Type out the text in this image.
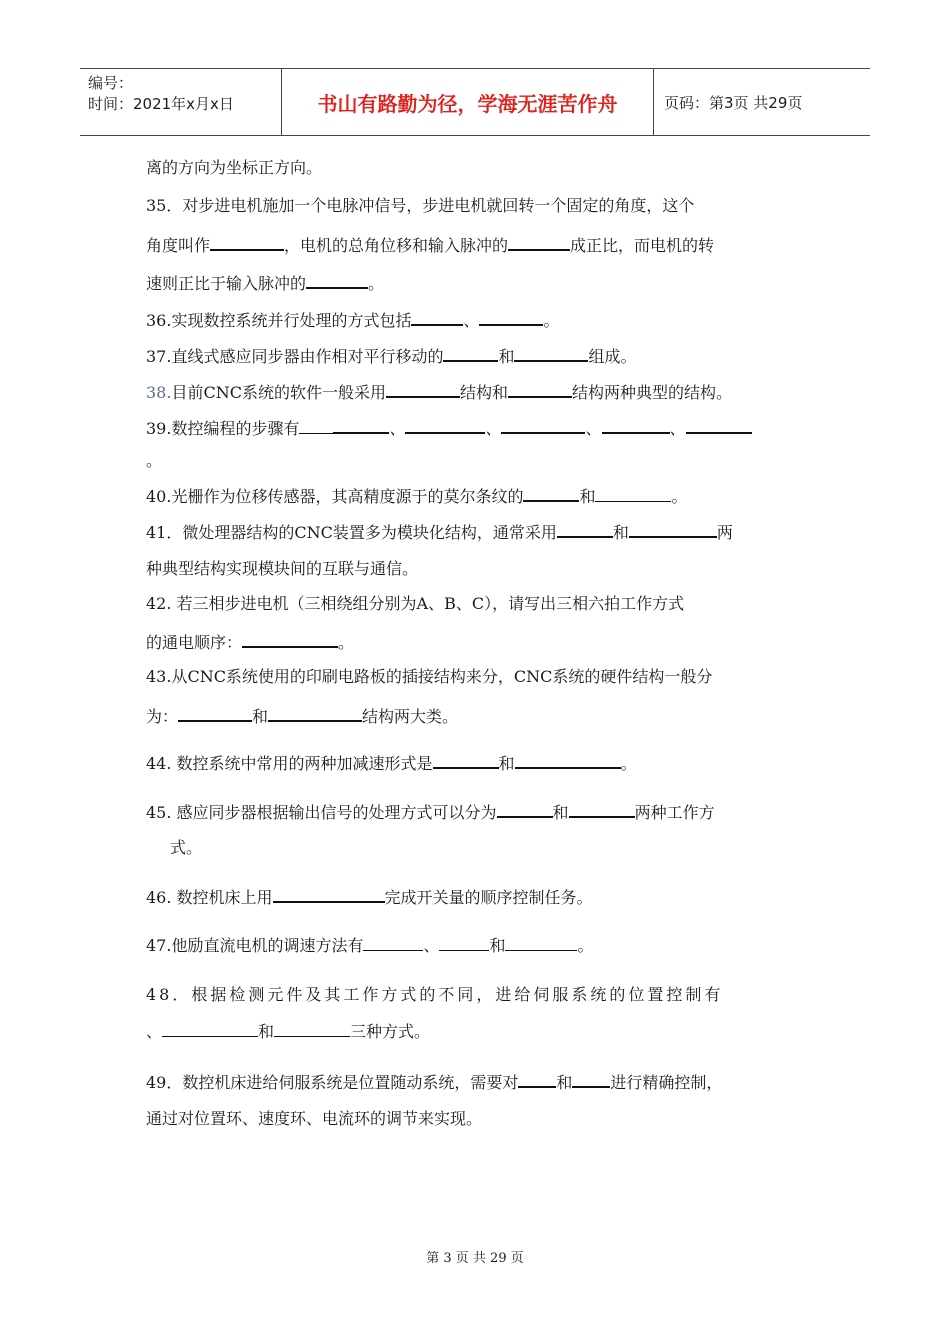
编号：
时间：2021年x月x日	书山有路勤为径，学海无涯苦作舟	页码：第3页 共29页
离的方向为坐标正方向。
35．对步进电机施加一个电脉冲信号，步进电机就回转一个固定的角度，这个
角度叫作	，电机的总角位移和输入脉冲的	成正比，而电机的转
速则正比于输入脉冲的	。
36.实现数控系统并行处理的方式包括	、	。
37.直线式感应同步器由作相对平行移动的	和	组成。
38.目前CNC系统的软件一般采用	结构和	结构两种典型的结构。
39.数控编程的步骤有	、	、	、	、
。
40.光栅作为位移传感器，其高精度源于的莫尔条纹的	和	。
41．微处理器结构的CNC装置多为模块化结构，通常采用	和	两
种典型结构实现模块间的互联与通信。
42. 若三相步进电机（三相绕组分别为A、B、C），请写出三相六拍工作方式
的通电顺序：	。
43.从CNC系统使用的印刷电路板的插接结构来分，CNC系统的硬件结构一般分
为：	和	结构两大类。
44. 数控系统中常用的两种加减速形式是	和	。
45. 感应同步器根据输出信号的处理方式可以分为	和	两种工作方
式。
46. 数控机床上用	完成开关量的顺序控制任务。
47.他励直流电机的调速方法有	、	和	。
48．根据检测元件及其工作方式的不同，进给伺服系统的位置控制有
、	和	三种方式。
49．数控机床进给伺服系统是位置随动系统，需要对 和 进行精确控制，
通过对位置环、速度环、电流环的调节来实现。
第 3 页 共 29 页
